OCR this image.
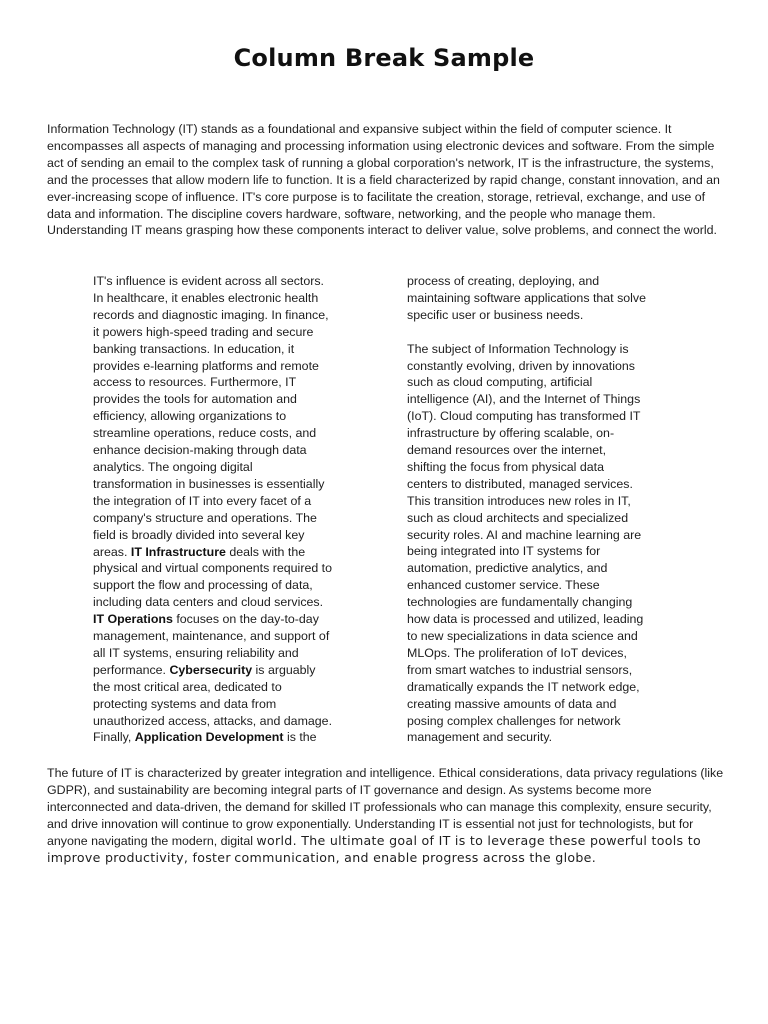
Column Break Sample
Information Technology (IT) stands as a foundational and expansive subject within the field of computer science. It encompasses all aspects of managing and processing information using electronic devices and software. From the simple act of sending an email to the complex task of running a global corporation's network, IT is the infrastructure, the systems, and the processes that allow modern life to function. It is a field characterized by rapid change, constant innovation, and an ever-increasing scope of influence. IT's core purpose is to facilitate the creation, storage, retrieval, exchange, and use of data and information. The discipline covers hardware, software, networking, and the people who manage them. Understanding IT means grasping how these components interact to deliver value, solve problems, and connect the world.

IT's influence is evident across all sectors.
In healthcare, it enables electronic health
records and diagnostic imaging. In finance,
it powers high-speed trading and secure
banking transactions. In education, it
provides e-learning platforms and remote
access to resources. Furthermore, IT
provides the tools for automation and
efficiency, allowing organizations to
streamline operations, reduce costs, and
enhance decision-making through data
analytics. The ongoing digital
transformation in businesses is essentially
the integration of IT into every facet of a
company's structure and operations. The
field is broadly divided into several key
areas. IT Infrastructure deals with the
physical and virtual components required to
support the flow and processing of data,
including data centers and cloud services.
IT Operations focuses on the day-to-day
management, maintenance, and support of
all IT systems, ensuring reliability and
performance. Cybersecurity is arguably
the most critical area, dedicated to
protecting systems and data from
unauthorized access, attacks, and damage.
Finally, Application Development is the

process of creating, deploying, and
maintaining software applications that solve
specific user or business needs.

The subject of Information Technology is
constantly evolving, driven by innovations
such as cloud computing, artificial
intelligence (AI), and the Internet of Things
(IoT). Cloud computing has transformed IT
infrastructure by offering scalable, on-
demand resources over the internet,
shifting the focus from physical data
centers to distributed, managed services.
This transition introduces new roles in IT,
such as cloud architects and specialized
security roles. AI and machine learning are
being integrated into IT systems for
automation, predictive analytics, and
enhanced customer service. These
technologies are fundamentally changing
how data is processed and utilized, leading
to new specializations in data science and
MLOps. The proliferation of IoT devices,
from smart watches to industrial sensors,
dramatically expands the IT network edge,
creating massive amounts of data and
posing complex challenges for network
management and security.

The future of IT is characterized by greater integration and intelligence. Ethical considerations, data privacy regulations (like GDPR), and sustainability are becoming integral parts of IT governance and design. As systems become more interconnected and data-driven, the demand for skilled IT professionals who can manage this complexity, ensure security, and drive innovation will continue to grow exponentially. Understanding IT is essential not just for technologists, but for anyone navigating the modern, digital world. The ultimate goal of IT is to leverage these powerful tools to improve productivity, foster communication, and enable progress across the globe.
